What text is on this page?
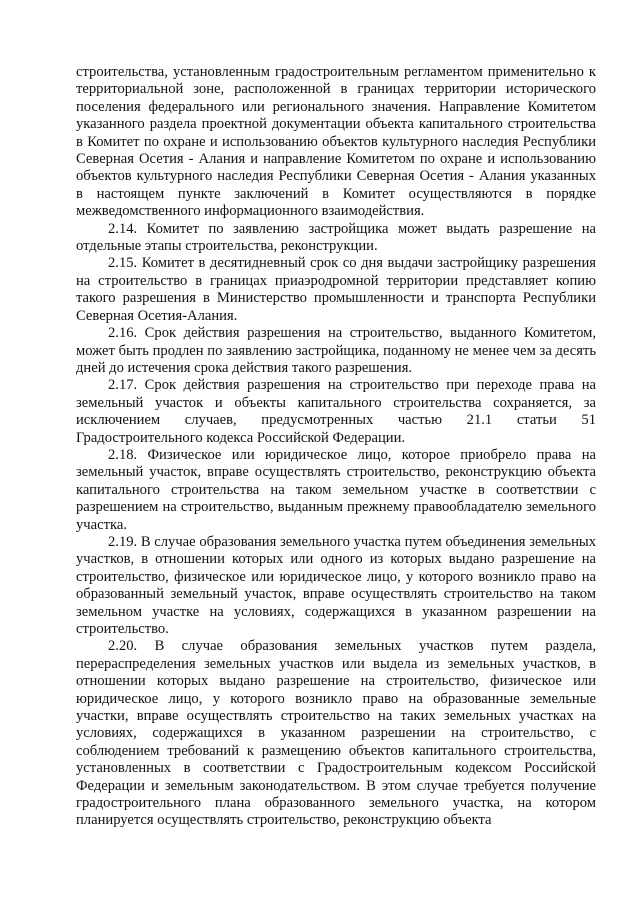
строительства, установленным градостроительным регламентом применительно к территориальной зоне, расположенной в границах территории исторического поселения федерального или регионального значения. Направление Комитетом указанного раздела проектной документации объекта капитального строительства в Комитет по охране и использованию объектов культурного наследия Республики Северная Осетия - Алания и направление Комитетом по охране и использованию объектов культурного наследия Республики Северная Осетия - Алания указанных в настоящем пункте заключений в Комитет осуществляются в порядке межведомственного информационного взаимодействия.

2.14. Комитет по заявлению застройщика может выдать разрешение на отдельные этапы строительства, реконструкции.

2.15. Комитет в десятидневный срок со дня выдачи застройщику разрешения на строительство в границах приаэродромной территории представляет копию такого разрешения в Министерство промышленности и транспорта Республики Северная Осетия-Алания.

2.16. Срок действия разрешения на строительство, выданного Комитетом, может быть продлен по заявлению застройщика, поданному не менее чем за десять дней до истечения срока действия такого разрешения.

2.17. Срок действия разрешения на строительство при переходе права на земельный участок и объекты капитального строительства сохраняется, за исключением случаев, предусмотренных частью 21.1 статьи 51 Градостроительного кодекса Российской Федерации.

2.18. Физическое или юридическое лицо, которое приобрело права на земельный участок, вправе осуществлять строительство, реконструкцию объекта капитального строительства на таком земельном участке в соответствии с разрешением на строительство, выданным прежнему правообладателю земельного участка.

2.19. В случае образования земельного участка путем объединения земельных участков, в отношении которых или одного из которых выдано разрешение на строительство, физическое или юридическое лицо, у которого возникло право на образованный земельный участок, вправе осуществлять строительство на таком земельном участке на условиях, содержащихся в указанном разрешении на строительство.

2.20. В случае образования земельных участков путем раздела, перераспределения земельных участков или выдела из земельных участков, в отношении которых выдано разрешение на строительство, физическое или юридическое лицо, у которого возникло право на образованные земельные участки, вправе осуществлять строительство на таких земельных участках на условиях, содержащихся в указанном разрешении на строительство, с соблюдением требований к размещению объектов капитального строительства, установленных в соответствии с Градостроительным кодексом Российской Федерации и земельным законодательством. В этом случае требуется получение градостроительного плана образованного земельного участка, на котором планируется осуществлять строительство, реконструкцию объекта
